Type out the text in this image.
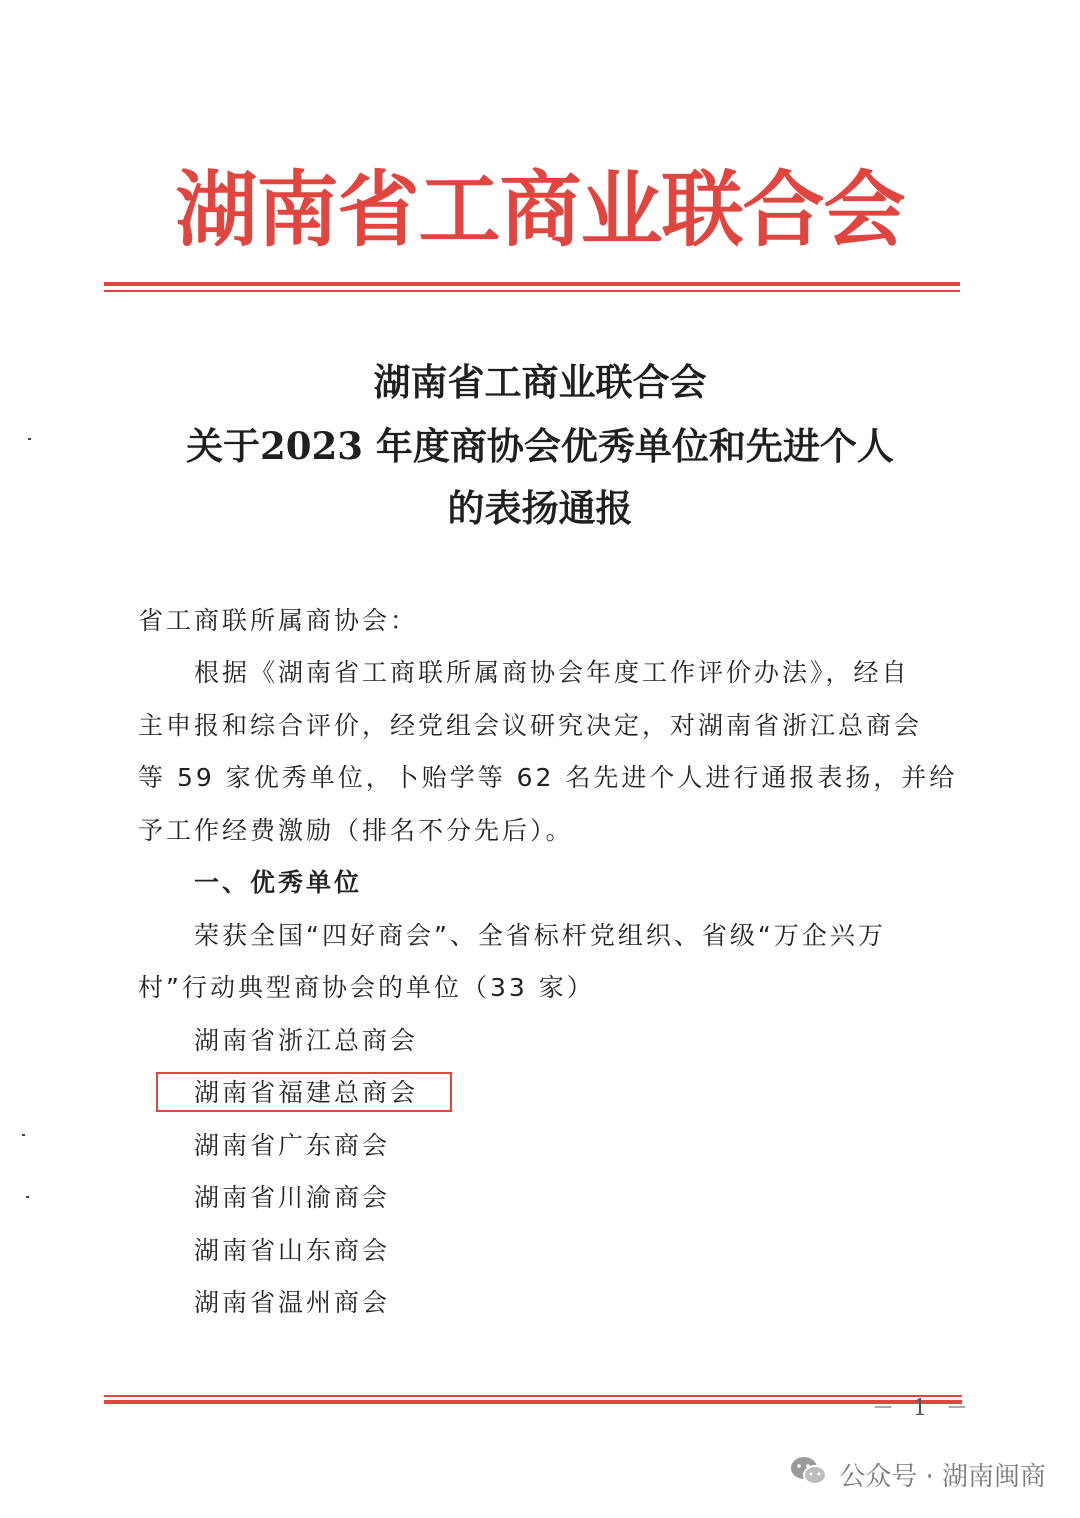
湖南省工商业联合会
湖南省工商业联合会
关于2023 年度商协会优秀单位和先进个人
的表扬通报
省工商联所属商协会：
根据《湖南省工商联所属商协会年度工作评价办法》，经自
主申报和综合评价，经党组会议研究决定，对湖南省浙江总商会
等 59 家优秀单位，卜贻学等 62 名先进个人进行通报表扬，并给
予工作经费激励（排名不分先后）。
一、优秀单位
荣获全国“四好商会”、全省标杆党组织、省级“万企兴万
村”行动典型商协会的单位（33 家）
湖南省浙江总商会
湖南省福建总商会
湖南省广东商会
湖南省川渝商会
湖南省山东商会
湖南省温州商会
－ 1 －
公众号 · 湖南闽商
